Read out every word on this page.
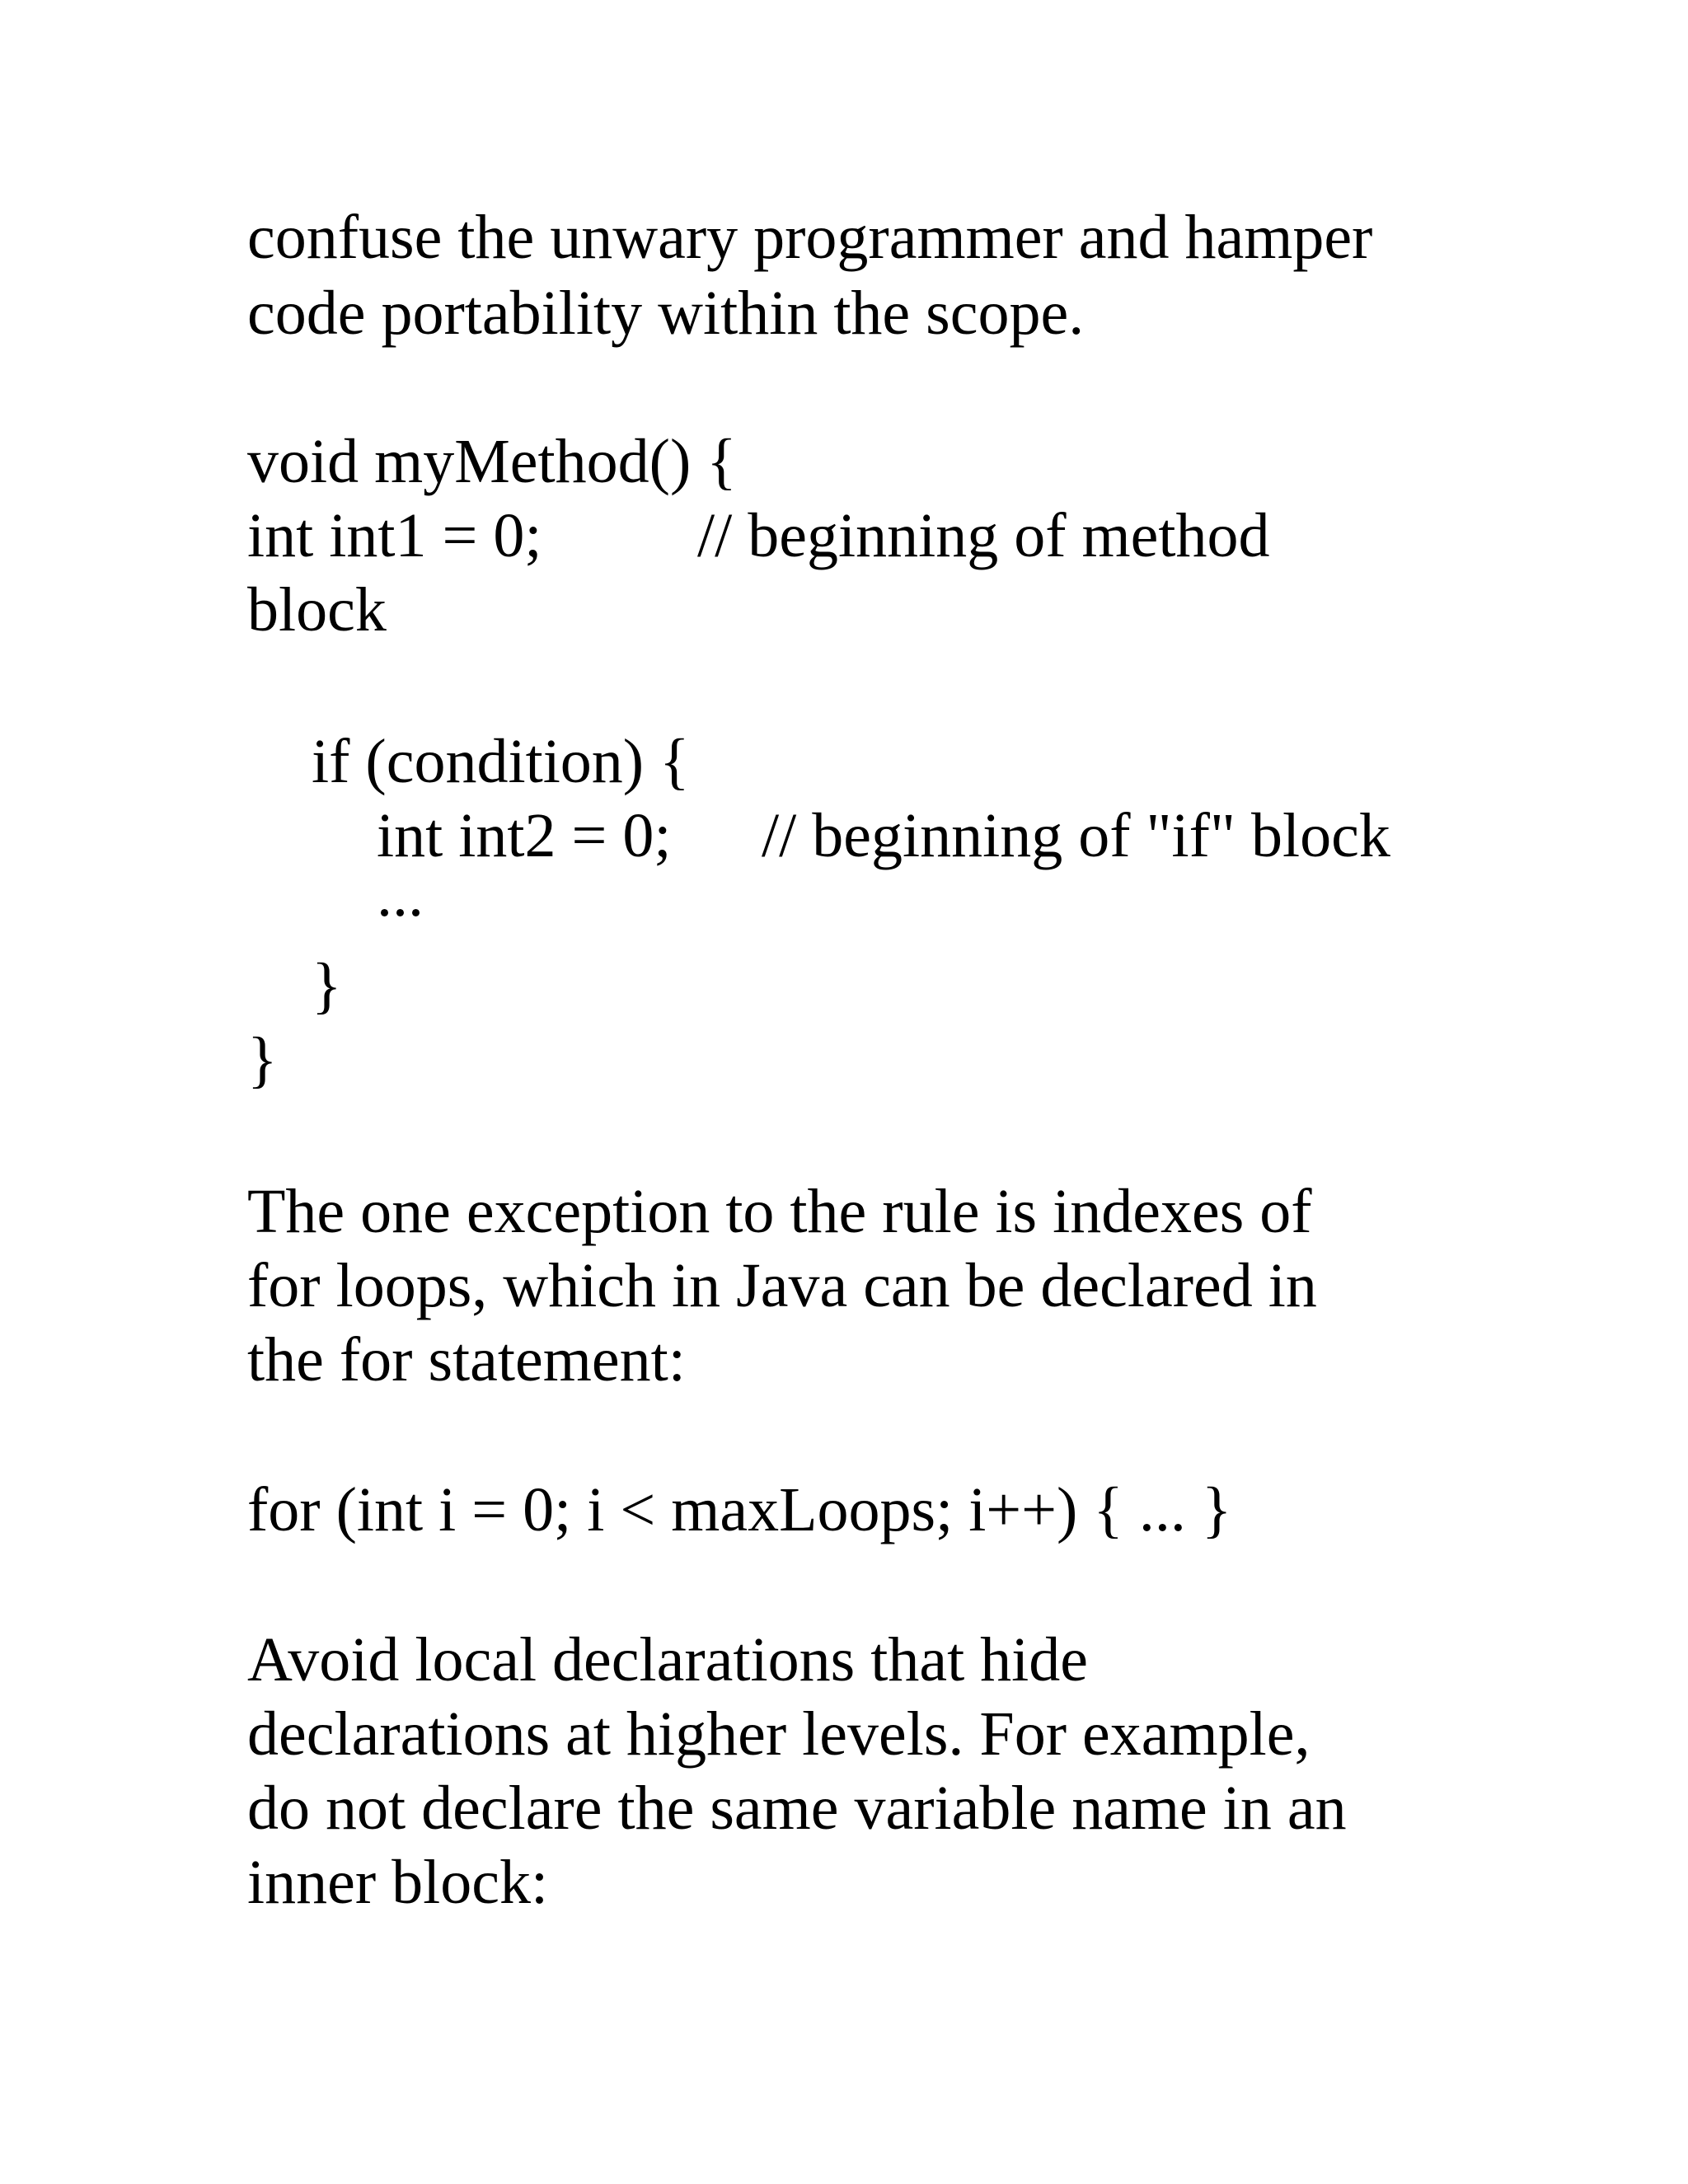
confuse the unwary programmer and hamper
code portability within the scope.
void myMethod() {
int int1 = 0; // beginning of method
block
if (condition) {
int int2 = 0; // beginning of "if" block
...
}
}
The one exception to the rule is indexes of
for loops, which in Java can be declared in
the for statement:
for (int i = 0; i < maxLoops; i++) { ... }
Avoid local declarations that hide
declarations at higher levels. For example,
do not declare the same variable name in an
inner block:
